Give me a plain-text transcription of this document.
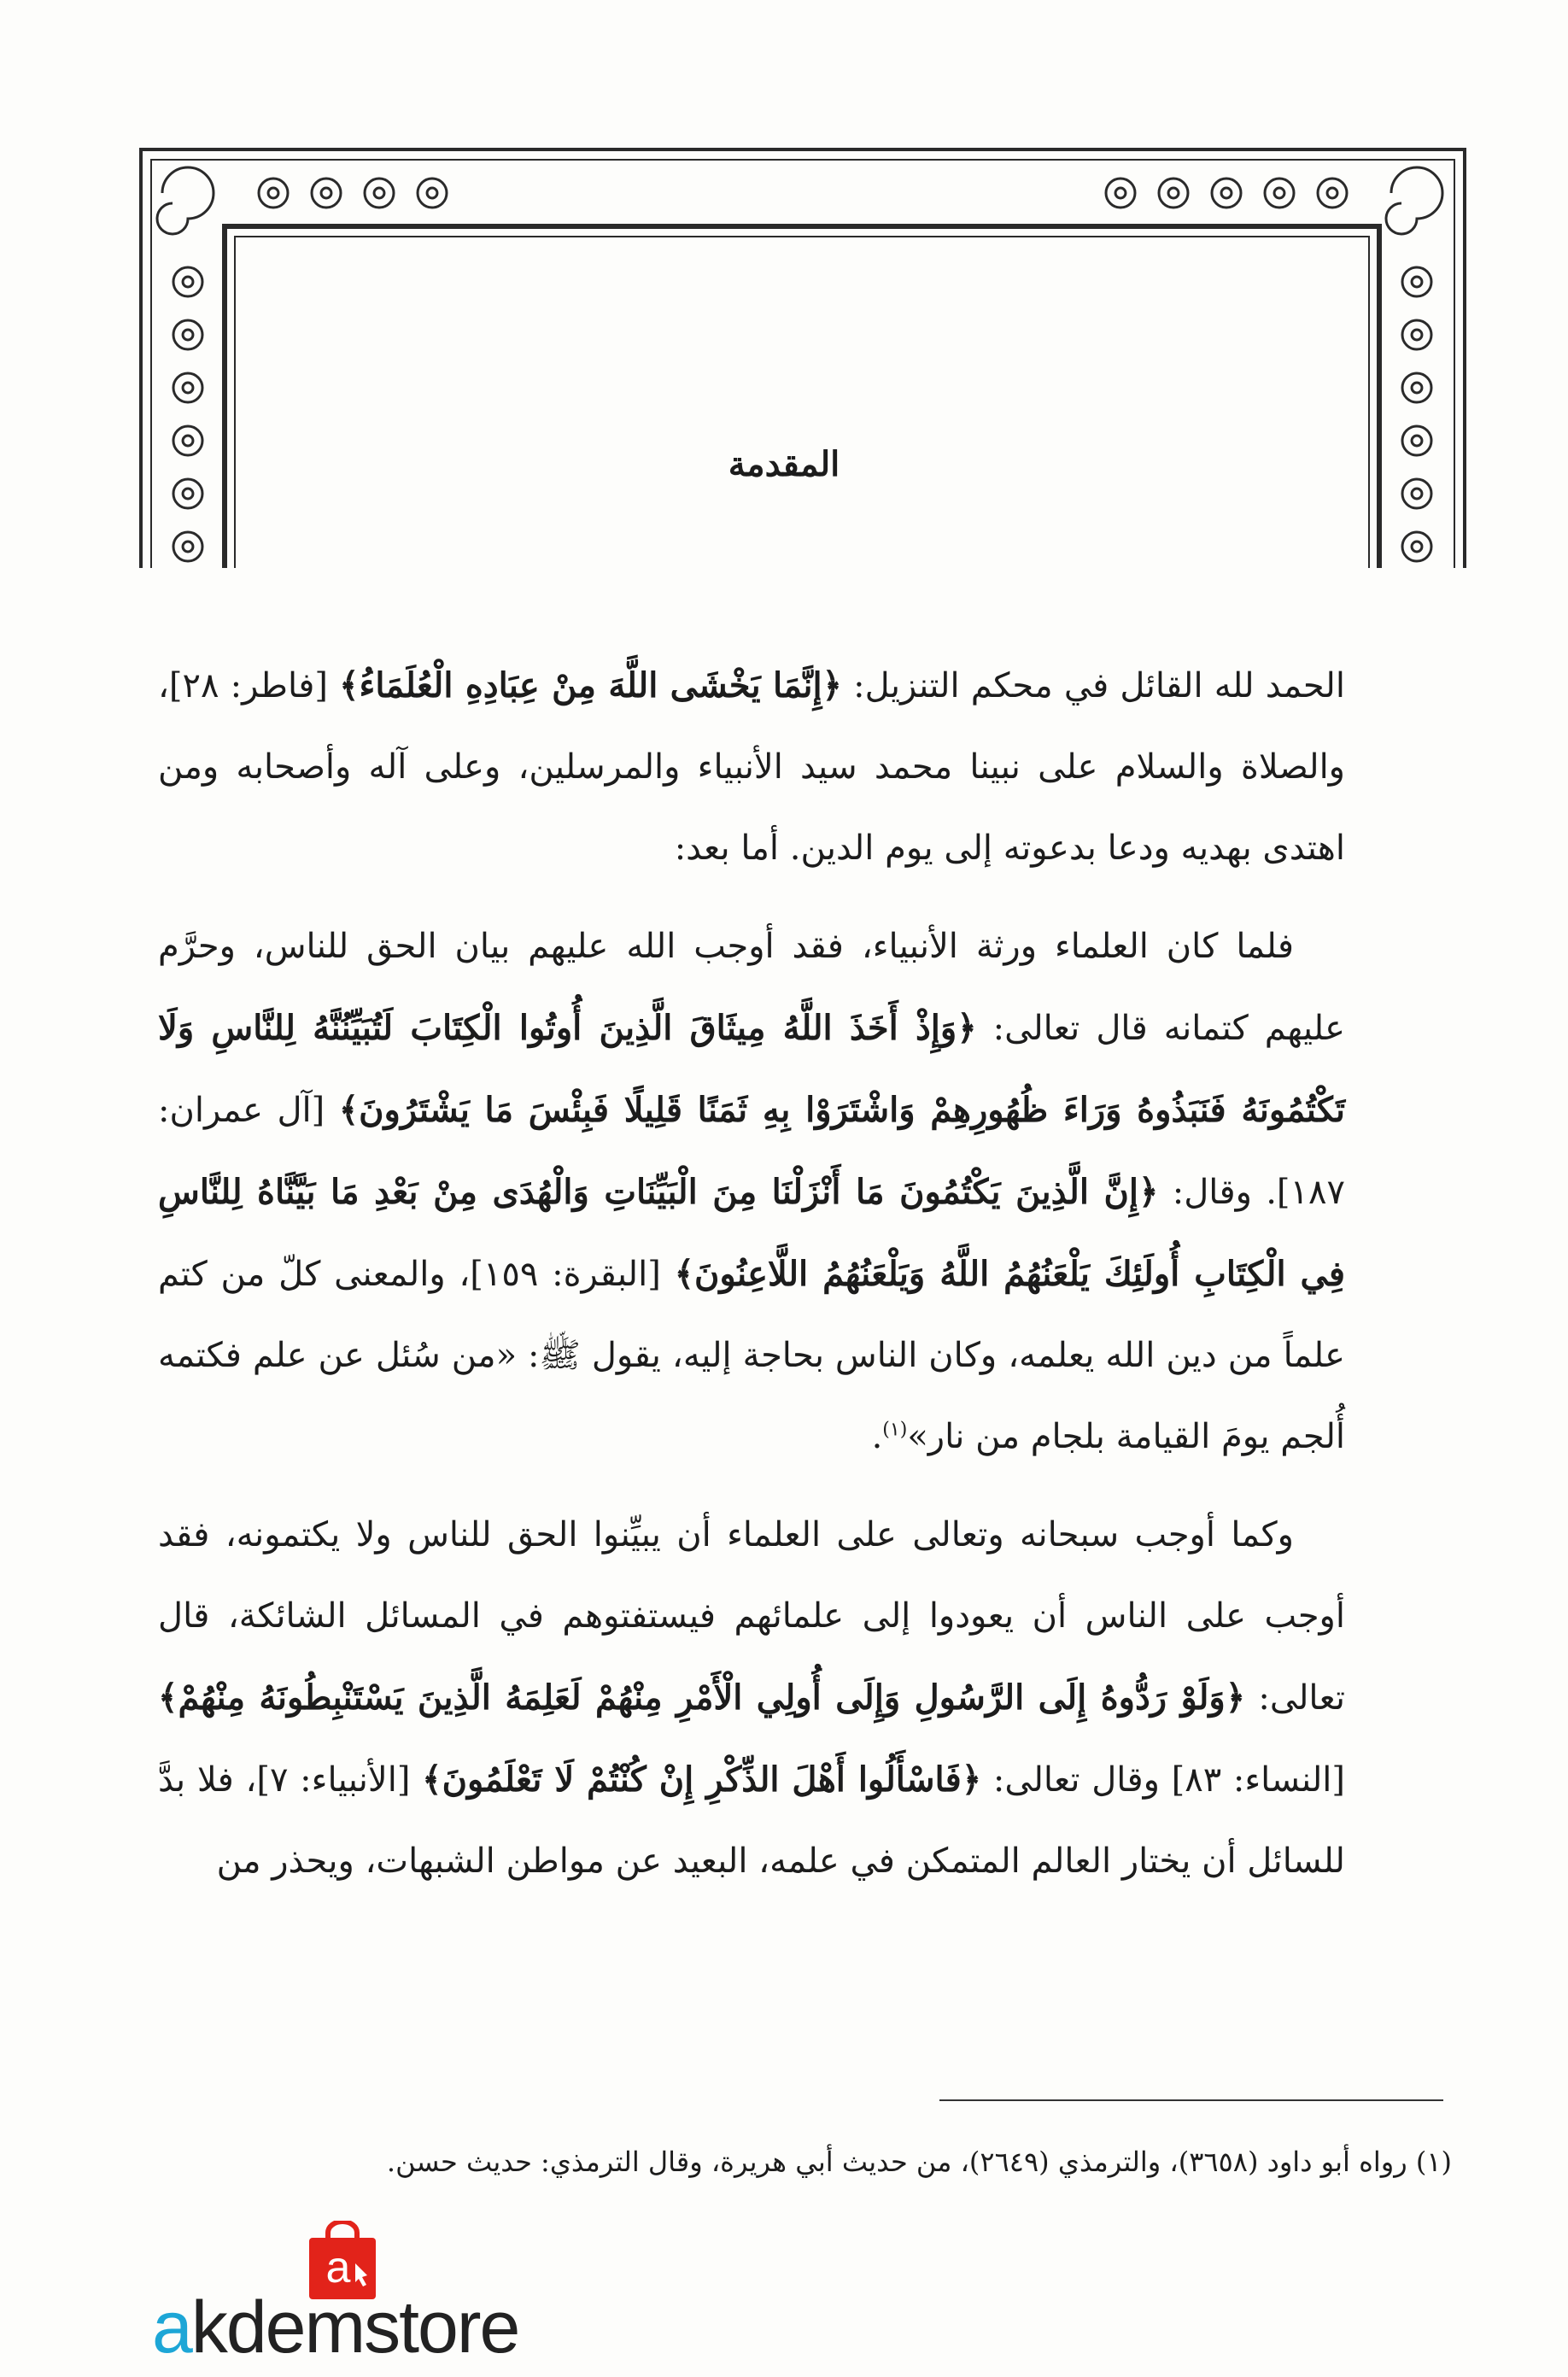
المقدمة

الحمد لله القائل في محكم التنزيل: ﴿إِنَّمَا يَخْشَى اللَّهَ مِنْ عِبَادِهِ الْعُلَمَاءُ﴾ [فاطر: ٢٨]، والصلاة والسلام على نبينا محمد سيد الأنبياء والمرسلين، وعلى آله وأصحابه ومن اهتدى بهديه ودعا بدعوته إلى يوم الدين. أما بعد:

فلما كان العلماء ورثة الأنبياء، فقد أوجب الله عليهم بيان الحق للناس، وحرَّم عليهم كتمانه قال تعالى: ﴿وَإِذْ أَخَذَ اللَّهُ مِيثَاقَ الَّذِينَ أُوتُوا الْكِتَابَ لَتُبَيِّنُنَّهُ لِلنَّاسِ وَلَا تَكْتُمُونَهُ فَنَبَذُوهُ وَرَاءَ ظُهُورِهِمْ وَاشْتَرَوْا بِهِ ثَمَنًا قَلِيلًا فَبِئْسَ مَا يَشْتَرُونَ﴾ [آل عمران: ١٨٧]. وقال: ﴿إِنَّ الَّذِينَ يَكْتُمُونَ مَا أَنْزَلْنَا مِنَ الْبَيِّنَاتِ وَالْهُدَى مِنْ بَعْدِ مَا بَيَّنَّاهُ لِلنَّاسِ فِي الْكِتَابِ أُولَئِكَ يَلْعَنُهُمُ اللَّهُ وَيَلْعَنُهُمُ اللَّاعِنُونَ﴾ [البقرة: ١٥٩]، والمعنى كلّ من كتم علماً من دين الله يعلمه، وكان الناس بحاجة إليه، يقول ﷺ: «من سُئل عن علم فكتمه أُلجم يومَ القيامة بلجام من نار»$^{(١)}$.

وكما أوجب سبحانه وتعالى على العلماء أن يبيِّنوا الحق للناس ولا يكتمونه، فقد أوجب على الناس أن يعودوا إلى علمائهم فيستفتوهم في المسائل الشائكة، قال تعالى: ﴿وَلَوْ رَدُّوهُ إِلَى الرَّسُولِ وَإِلَى أُولِي الْأَمْرِ مِنْهُمْ لَعَلِمَهُ الَّذِينَ يَسْتَنْبِطُونَهُ مِنْهُمْ﴾ [النساء: ٨٣] وقال تعالى: ﴿فَاسْأَلُوا أَهْلَ الذِّكْرِ إِنْ كُنْتُمْ لَا تَعْلَمُونَ﴾ [الأنبياء: ٧]، فلا بدَّ للسائل أن يختار العالم المتمكن في علمه، البعيد عن مواطن الشبهات، ويحذر من

(١) رواه أبو داود (٣٦٥٨)، والترمذي (٢٦٤٩)، من حديث أبي هريرة، وقال الترمذي: حديث حسن.
a
akdemstore
